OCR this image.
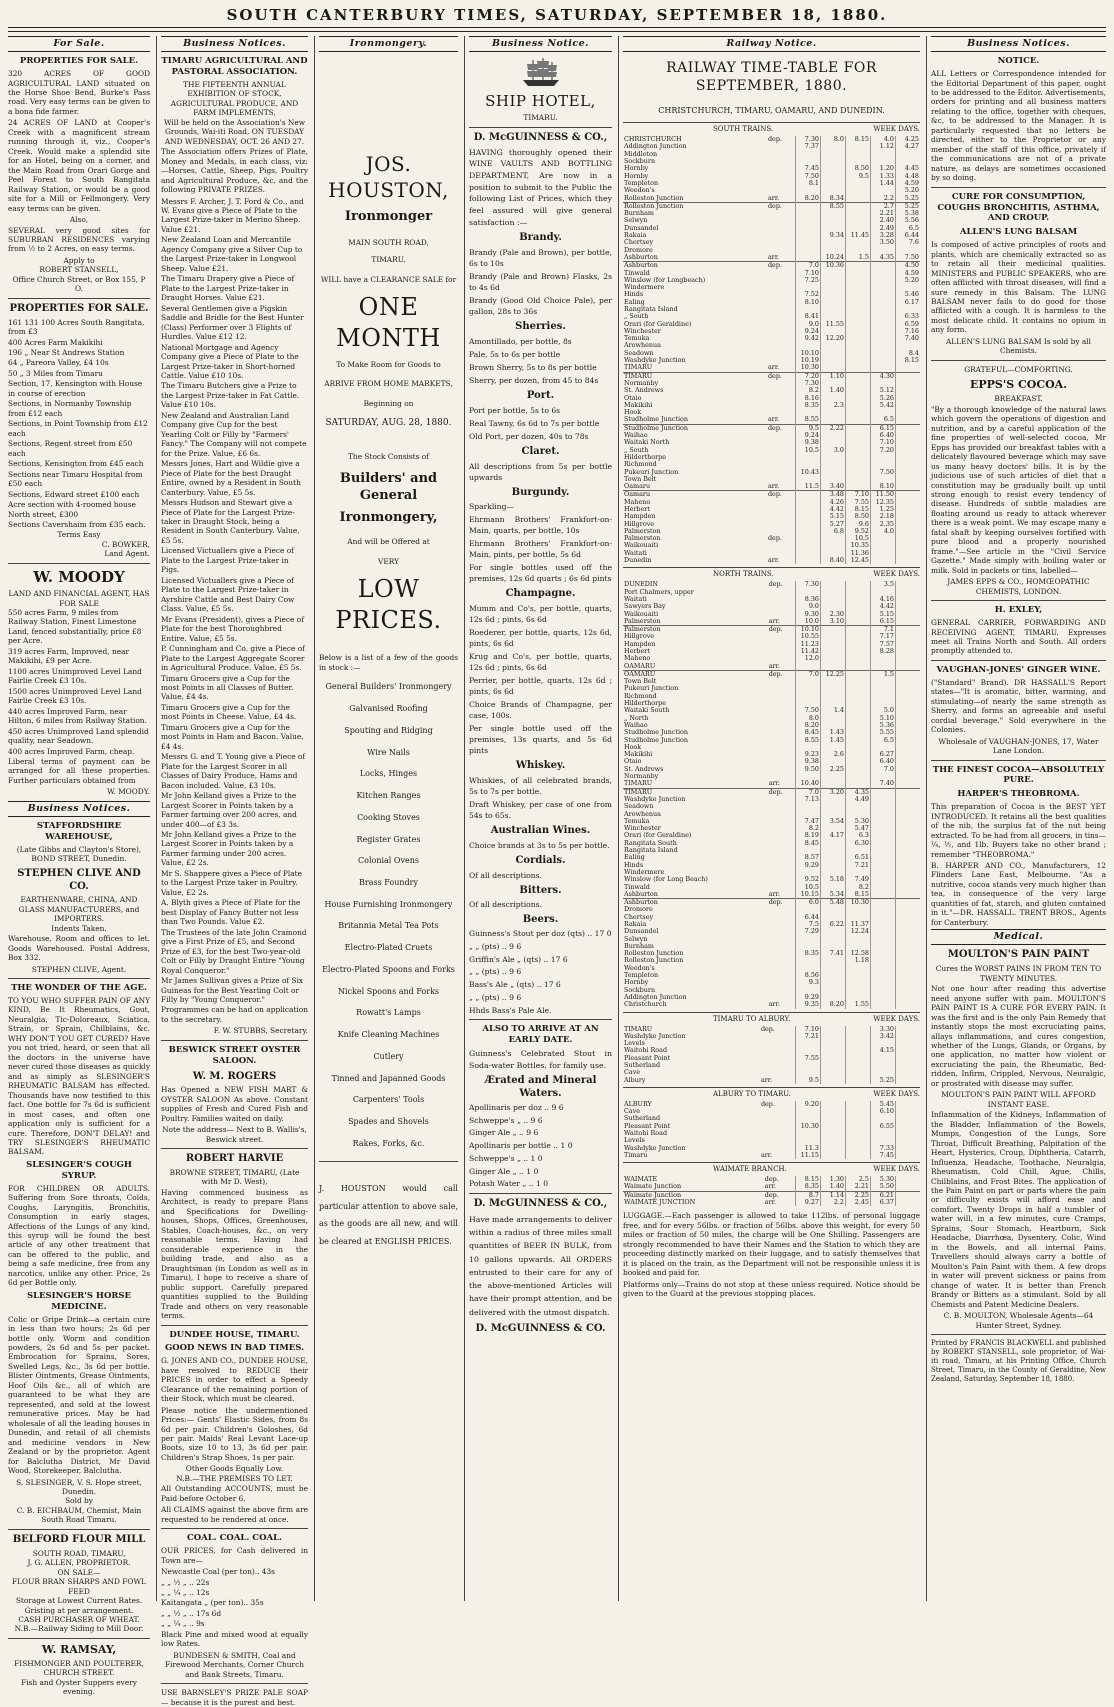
SOUTH CANTERBURY TIMES, SATURDAY, SEPTEMBER 18, 1880.
For Sale.
PROPERTIES FOR SALE.

320 ACRES OF GOOD AGRICULTURAL LAND situated on the Horse Shoe Bend, Burke's Pass road. Very easy terms can be given to a bona fide farmer.

24 ACRES OF LAND at Cooper's Creek with a magnificent stream running through it, viz., Cooper's Creek. Would make a splendid site for an Hotel, being on a corner, and the Main Road from Orari Gorge and Peel Forest to South Rangitata Railway Station, or would be a good site for a Mill or Fellmongery. Very easy terms can be given.

Also,

SEVERAL very good sites for SUBURBAN RESIDENCES varying from ½ to 2 Acres, on easy terms.

Apply to
ROBERT STANSELL,
Office Church Street, or Box 155, P O.
PROPERTIES FOR SALE.
161 131 100 Acres South Rangitata, from £3
400 Acres Farm Makikihi
196 „ Near St Andrews Station
64 „ Pareora Valley, £4 10s
50 „ 3 Miles from Timaru
Section, 17, Kensington with House in course of erection
Sections, in Normanby Township from £12 each
Sections, in Point Township from £12 each
Sections, Regent street from £50 each
Sections, Kensington from £45 each
Sections near Timaru Hospital from £50 each
Sections, Edward street £100 each
Acre section with 4-roomed house North street, £300
Sections Cavershaim from £35 each.
Terms Easy
C. BOWKER,
Land Agent.
W. MOODY
LAND AND FINANCIAL AGENT, HAS FOR SALE
550 acres Farm, 9 miles from Railway Station, Finest Limestone Land, fenced substantially, price £8 per Acre.
319 acres Farm, Improved, near Makikihi, £9 per Acre.
1100 acres Unimproved Level Land Fairlie Creek £3 10s.
1500 acres Unimproved Level Land Fairlie Creek £3 10s.
440 acres Improved Farm, near Hilton, 6 miles from Railway Station.
450 acres Unimproved Land splendid quality, near Seadown.
400 acres Improved Farm, cheap.

Liberal terms of payment can be arranged for all these properties. Further particulars obtained from

W. MOODY.
Business Notices.
STAFFORDSHIRE WAREHOUSE,
(Late Gibbs and Clayton's Store), BOND STREET, Dunedin.
STEPHEN CLIVE AND CO.
EARTHENWARE, CHINA, AND GLASS MANUFACTURERS, and IMPORTERS.
Indents Taken.

Warehouse, Room and offices to let. Goods Warehoused. Postal Address, Box 332.

STEPHEN CLIVE, Agent.
THE WONDER OF THE AGE.

TO YOU WHO SUFFER PAIN OF ANY KIND, Be It Rheumatics, Gout, Neuralgia, Tic-Doloreaux, Sciatica, Strain, or Sprain, Chilblains, &c. WHY DON'T YOU GET CURED? Have you not tried, heard, or seen that all the doctors in the universe have never cured those diseases as quickly and as simply as SLESINGER'S RHEUMATIC BALSAM has effected. Thousands have now testified to this fact. One bottle for 7s 6d is sufficient in most cases, and often one application only is sufficient for a cure. Therefore, DON'T DELAY! and TRY SLESINGER'S RHEUMATIC BALSAM.

SLESINGER'S COUGH SYRUP.

FOR CHILDREN OR ADULTS. Suffering from Sore throats, Colds, Coughs, Laryngitis, Bronchitis, Consumption in early stages, Affections of the Lungs of any kind, this syrup will be found the best article of any other treatment that can be offered to the public, and being a safe medicine, free from any narcotics, unlike any other. Price, 2s 6d per Bottle only.

SLESINGER'S HORSE MEDICINE.

Colic or Gripe Drink—a certain cure in less than two hours; 2s 6d per bottle only. Worm and condition powders, 2s 6d and 5s per packet. Embrocation for Sprains, Sores, Swelled Legs, &c., 3s 6d per bottle. Blister Ointments, Grease Ointments, Hoof Oils &c., all of which are guaranteed to be what they are represented, and sold at the lowest remunerative prices. May be had wholesale of all the leading houses in Dunedin, and retail of all chemists and medicine vendors in New Zealand or by the proprietor. Agent for Balclutha District, Mr David Wood, Storekeeper, Balclutha.

S. SLESINGER, V. S. Hope street, Dunedin.
Sold by
C. B. EICHBAUM, Chemist, Main South Road Timaru.
BELFORD FLOUR MILL
SOUTH ROAD, TIMARU,
J. G. ALLEN, PROPRIETOR.
ON SALE—
FLOUR BRAN SHARPS AND FOWL FEED
Storage at Lowest Current Rates.
Gristing at per arrangement.
CASH PURCHASER OF WHEAT.
N.B.—Railway Siding to Mill Door.
W. RAMSAY,
FISHMONGER AND POULTERER, CHURCH STREET.
Fish and Oyster Suppers every evening.
Business Notices.
TIMARU AGRICULTURAL AND PASTORAL ASSOCIATION.
THE FIFTEENTH ANNUAL EXHIBITION OF STOCK, AGRICULTURAL PRODUCE, AND FARM IMPLEMENTS,
Will be held on the Association's New Grounds, Wai-iti Road, ON TUESDAY AND WEDNESDAY, OCT. 26 AND 27.

The Association offers Prizes of Plate, Money and Medals, in each class, viz:—Horses, Cattle, Sheep, Pigs, Poultry and Agricultural Produce, &c, and the following PRIVATE PRIZES.

Messrs F. Archer, J. T. Ford & Co., and W. Evans give a Piece of Plate to the Largest Prize-taker in Merino Sheep. Value £21.
New Zealand Loan and Mercantile Agency Company give a Silver Cup to the Largest Prize-taker in Longwool Sheep. Value £21.
The Timaru Drapery give a Piece of Plate to the Largest Prize-taker in Draught Horses. Value £21.
Several Gentlemen give a Pigskin Saddle and Bridle for the Best Hunter (Class) Performer over 3 Flights of Hurdles. Value £12 12.
National Mortgage and Agency Company give a Piece of Plate to the Largest Prize-taker in Short-horned Cattle. Value £10 10s.
The Timaru Butchers give a Prize to the Largest Prize-taker in Fat Cattle. Value £10 10s.
New Zealand and Australian Land Company give Cup for the best Yearling Colt or Filly by "Farmers' Fancy." The Company will not compete for the Prize. Value, £6 6s.
Messrs Jones, Hart and Wildie give a Piece of Plate for the best Draught Entire, owned by a Resident in South Canterbury. Value, £5 5s.
Messrs Hudson and Stewart give a Piece of Plate for the Largest Prize-taker in Draught Stock, being a Resident in South Canterbury. Value, £5 5s.
Licensed Victuallers give a Piece of Plate to the Largest Prize-taker in Pigs.
Licensed Victuallers give a Piece of Plate to the Largest Prize-taker in Ayrshire Cattle and Best Dairy Cow Class. Value, £5 5s.
Mr Evans (President), gives a Piece of Plate for the best Thoroughbred Entire. Value, £5 5s.
P. Cunningham and Co. give a Piece of Plate to the Largest Aggregate Scorer in Agricultural Produce. Value, £5 5s.
Timaru Grocers give a Cup for the most Points in all Classes of Butter. Value, £4 4s.
Timaru Grocers give a Cup for the most Points in Cheese. Value, £4 4s.
Timaru Grocers give a Cup for the most Points in Ham and Bacon. Value, £4 4s.
Messrs G. and T. Young give a Piece of Plate for the Largest Scorer in all Classes of Dairy Produce, Hams and Bacon included. Value, £3 10s.
Mr John Kelland gives a Prize to the Largest Scorer in Points taken by a Farmer farming over 200 acres, and under 400—of £3 3s.
Mr John Kelland gives a Prize to the Largest Scorer in Points taken by a Farmer farming under 200 acres. Value, £2 2s.
Mr S. Shappere gives a Piece of Plate to the Largest Prize taker in Poultry. Value, £2 2s.
A. Blyth gives a Piece of Plate for the best Display of Fancy Butter not less than Two Pounds. Value £2.
The Trustees of the late John Cramond give a First Prize of £5, and Second Prize of £3, for the best Two-year-old Colt or Filly by Draught Entire "Young Royal Conqueror."
Mr James Sullivan gives a Prize of Six Guineas for the Best Yearling Colt or Filly by "Young Conqueror."

Programmes can be had on application to the secretary.

F. W. STUBBS, Secretary.
BESWICK STREET OYSTER SALOON.
W. M. ROGERS

Has Opened a NEW FISH MART & OYSTER SALOON As above. Constant supplies of Fresh and Cured Fish and Poultry. Families waited on daily.

Note the address— Next to B. Wallis's, Beswick street.
ROBERT HARVIE
BROWNE STREET, TIMARU, (Late with Mr D. West),

Having commenced business as Architect, is ready to prepare Plans and Specifications for Dwelling-houses, Shops, Offices, Greenhouses, Stables, Coach-houses, &c., on very reasonable terms. Having had considerable experience in the building trade, and also as a Draughtsman (in London as well as in Timaru), I hope to receive a share of public support. Carefully prepared quantities supplied to the Building Trade and others on very reasonable terms.

DUNDEE HOUSE, TIMARU.
GOOD NEWS IN BAD TIMES.

G. JONES AND CO., DUNDEE HOUSE, have resolved to REDUCE their PRICES in order to effect a Speedy Clearance of the remaining portion of their Stock, which must be cleared.

Please notice the undermentioned Prices:— Gents' Elastic Sides, from 8s 6d per pair. Children's Goloshes, 6d per pair. Maids' Real Levant Lace-up Boots, size 10 to 13, 3s 6d per pair. Children's Strap Shoes, 1s per pair.

Other Goods Equally Low.
N.B.—THE PREMISES TO LET.

All Outstanding ACCOUNTS, must be Paid before October 6.

All CLAIMS against the above firm are requested to be rendered at once.

COAL. COAL. COAL.

OUR PRICES, for Cash delivered in Town are—

Newcastle Coal (per ton).. 43s
„ „ ½ „ .. 22s
„ „ ¼ „ .. 12s
Kaitangata „ (per ton).. 35s
„ „ ½ „ .. 17s 6d
„ „ ¼ „ .. 9s

Black Pine and mixed wood at equally low Rates.

BUNDESEN & SMITH, Coal and Firewood Merchants, Corner Church and Bank Streets, Timaru.

USE BARNSLEY'S PRIZE PALE SOAP— because it is the purest and best.

Ironmongery.
JOS. HOUSTON,
Ironmonger
MAIN SOUTH ROAD,
TIMARU,
WILL have a CLEARANCE SALE for
ONE MONTH
To Make Room for Goods to
ARRIVE FROM HOME MARKETS,
Beginning on
SATURDAY, AUG. 28, 1880.
The Stock Consists of
Builders' and General
Ironmongery,
And will be Offered at
VERY
LOW PRICES.

Below is a list of a few of the goods in stock :—

General Builders' Ironmongery
Galvanised Roofing
Spouting and Ridging
Wire Nails
Locks, Hinges
Kitchen Ranges
Cooking Stoves
Register Grates
Colonial Ovens
Brass Foundry
House Furnishing Ironmongery
Britannia Metal Tea Pots
Electro-Plated Cruets
Electro-Plated Spoons and Forks
Nickel Spoons and Forks
Rowatt's Lamps
Knife Cleaning Machines
Cutlery
Tinned and Japanned Goods
Carpenters' Tools
Spades and Shovels
Rakes, Forks, &c.

J. HOUSTON would call particular attention to above sale, as the goods are all new, and will be cleared at ENGLISH PRICES.

Business Notice.
SHIP HOTEL,
TIMARU.
D. McGUINNESS & CO.,

HAVING thoroughly opened their WINE VAULTS AND BOTTLING DEPARTMENT, Are now in a position to submit to the Public the following List of Prices, which they feel assured will give general satisfaction :—

Brandy.

Brandy (Pale and Brown), per bottle, 6s to 10s

Brandy (Pale and Brown) Flasks, 2s to 4s 6d

Brandy (Good Old Choice Pale), per gallon, 28s to 36s

Sherries.

Amontillado, per bottle, 8s

Pale, 5s to 6s per bottle

Brown Sherry, 5s to 8s per bottle

Sherry, per dozen, from 45 to 84s

Port.

Port per bottle, 5s to 6s

Real Tawny, 6s 6d to 7s per bottle

Old Port, per dozen, 40s to 78s

Claret.

All descriptions from 5s per bottle upwards

Burgundy.

Sparkling—

Ehrmann Brothers' Frankfort-on-Main, quarts, per bottle, 10s

Ehrmann Brothers' Frankfort-on-Main, pints, per bottle, 5s 6d

For single bottles used off the premises, 12s 6d quarts ; 6s 6d pints

Champagne.

Mumm and Co's, per bottle, quarts, 12s 6d ; pints, 6s 6d

Roederer, per bottle, quarts, 12s 6d, pints, 6s 6d

Krug and Co's, per bottle, quarts, 12s 6d ; pints, 6s 6d

Perrier, per bottle, quarts, 12s 6d ; pints, 6s 6d

Choice Brands of Champagne, per case, 100s.

Per single bottle used off the premises, 13s quarts, and 5s 6d pints

Whiskey.

Whiskies, of all celebrated brands, 5s to 7s per bottle.

Draft Whiskey, per case of one from 54s to 65s.

Australian Wines.

Choice brands at 3s to 5s per bottle.

Cordials.

Of all descriptions.

Bitters.

Of all descriptions.

Beers.
Guinness's Stout per doz (qts) .. 17 0
„ „ (pts) .. 9 6
Griffin's Ale „ (qts) .. 17 6
„ „ (pts) .. 9 6
Bass's Ale „ (qts) .. 17 6
„ „ (pts) .. 9 6
Hhds Bass's Pale Ale.
ALSO TO ARRIVE AT AN EARLY DATE.

Guinness's Celebrated Stout in Soda-water Bottles, for family use.

Ærated and Mineral Waters.
Apollinaris per doz .. 9 6
Schweppe's „ .. 9 6
Ginger Ale „ .. 9 6
Apollinaris per bottle .. 1 0
Schweppe's „ .. 1 0
Ginger Ale „ .. 1 0
Potash Water „ .. 1 0
D. McGUINNESS & CO.,

Have made arrangements to deliver within a radius of three miles small quantities of BEER IN BULK, from 10 gallons upwards. All ORDERS entrusted to their care for any of the above-mentioned Articles will have their prompt attention, and be delivered with the utmost dispatch.

D. McGUINNESS & CO.
Railway Notice.
RAILWAY TIME-TABLE FOR SEPTEMBER, 1880.
CHRISTCHURCH, TIMARU, OAMARU, AND DUNEDIN.
SOUTH TRAINS.	WEEK DAYS.
CHRISTCHURCH	dep.	7.30	8.0	8.15	4.0	4.25
Addington Junction		7.37			1.12	4.27
Middleton						
Sockburn						
Hornby		7.45		8.50	1.20	4.45
Hornby		7.50		9.5	1.33	4.48
Templeton		8.1			1.44	4.59
Weedon's						5.20
Rolleston Junction	arr.	8.20	8.34		2.2	5.25
Rolleston Junction	dep.		8.55		2.7	5.25
Burnham					2.21	5.38
Selwyn					2.40	5.56
Dunsandel					2.49	6.5
Rakaia			9.34	11.45	3.28	6.44
Chertsey					3.50	7.6
Dromore						
Ashburton	arr.		10.24	1.5	4.35	7.50
Ashburton	dep.	7.0	10.36			4.50
Tinwald		7.10				4.59
Winslow (for Longbeach)		7.25				5.20
Windermere						
Hinds		7.52				5.46
Ealing		8.10				6.17
Rangitata Island						
„ South		8.41				6.33
Orari (for Geraldine)		9.0	11.55			6.59
Winchester		9.24				7.16
Temuka		9.42	12.20			7.40
Arowhenua						
Seadown		10.10				8.4
Washdyke Junction		10.19				8.15
TIMARU	arr.	10.30				
TIMARU	dep.	7.20	1.10		4.30	
Normanby		7.30				
St. Andrews		8.2	1.40		5.12	
Otaio		8.16			5.26	
Makikihi		8.35	2.3		5.42	
Hook						
Studholme Junction	arr.	8.55			6.5	
Studholme Junction	dep.	9.5	2.22		6.15	
Waihao		9.24			6.40	
Waitaki North		9.38			7.10	
„ South		10.5	3.0		7.20	
Hilderthorpe						
Richmond						
Pukeuri Junction		10.43			7.50	
Town Belt						
Oamaru	arr.	11.5	3.40		8.10	
Oamaru	dep.		3.48	7.10	11.50	
Maheno			4.26	7.55	12.35	
Herbert			4.42	8.15	1.25	
Hampden			5.15	8.50	2.18	
Hillgrove			5.27	9.6	2.35	
Palmerston			6.8	9.52	4.0	
Palmerston	dep.			10.5		
Waikouaiti				10.35		
Waitati				11.36		
Dunedin	arr.		8.40	12.45		
NORTH TRAINS.	WEEK DAYS.
DUNEDIN	dep.	7.30			3.5	
Port Chalmers, upper						
Waitati		8.36			4.16	
Sawyers Bay		9.0			4.42	
Waikouaiti		9.30	2.30		5.15	
Palmerston	arr.	10.0	3.10		6.15	
Palmerston	dep.	10.10			7.1	
Hillgrove		10.55			7.17	
Hampden		11.23			7.57	
Herbert		11.42			8.28	
Maheno		12.0				
OAMARU	arr.					
OAMARU	dep.	7.0	12.25		1.5	
Town Belt						
Pukeuri Junction						
Richmond						
Hilderthorpe						
Waitaki South		7.50	1.4		5.0	
„ North		8.0			5.10	
Waihao		8.20			5.36	
Studholme Junction		8.45	1.43		5.55	
Studholme Junction		8.55	1.45		6.5	
Hook						
Makikihi		9.23	2.6		6.27	
Otaio		9.38			6.40	
St. Andrews		9.50	2.25		7.0	
Normanby						
TIMARU	arr.	10.40			7.40	
TIMARU	dep.	7.0	3.20	4.35		
Washdyke Junction		7.13		4.49		
Seadown						
Arowhenua						
Temuka		7.47	3.54	5.30		
Winchester		8.2		5.47		
Orari (for Geraldine)		8.19	4.17	6.3		
Rangitata South		8.45		6.30		
Rangitata Island						
Ealing		8.57		6.51		
Hinds		9.29		7.21		
Windermere						
Winslow (for Long Beach)		9.52	5.18	7.49		
Tinwald		10.5		8.2		
Ashburton	arr.	10.15	5.34	8.15		
Ashburton	dep.	6.0	5.48	10.30		
Dromore						
Chertsey		6.44				
Rakaia		7.5	6.22	11.37		
Dunsandel		7.29		12.24		
Selwyn						
Burnham						
Rolleston Junction		8.35	7.41	12.58		
Rolleston Junction				1.18		
Weedon's						
Templeton		8.56				
Hornby		9.3				
Sockburn						
Addington Junction		9.29				
Christchurch	arr.	9.35	8.20	1.55		
TIMARU TO ALBURY.	WEEK DAYS.
TIMARU	dep.	7.10			3.30	
Washdyke Junction		7.21			3.42	
Levels						
Waitohi Road					4.15	
Pleasant Point		7.55				
Sutherland						
Cave						
Albury	arr.	9.5			5.25	
ALBURY TO TIMARU.	WEEK DAYS.
ALBURY	dep.	9.20			5.45	
Cave					6.10	
Sutherland						
Pleasant Point		10.30			6.55	
Waitohi Road						
Levels						
Washdyke Junction		11.3			7.33	
Timaru	arr.	11.15			7.45	
WAIMATE BRANCH.	WEEK DAYS.
WAIMATE	dep.	8.15	1.30	2.5	5.30	
Waimate Junction	arr.	8.35	1.40	2.21	5.50	
Waimate Junction	dep.	8.7	1.14	2.25	6.21	
WAIMATE JUNCTION	arr.	9.27	2.2	2.45	6.37	

LUGGAGE.—Each passenger is allowed to take 112lbs. of personal luggage free, and for every 56lbs. or fraction of 56lbs. above this weight, for every 50 miles or fraction of 50 miles, the charge will be One Shilling. Passengers are strongly recommended to have their Names and the Station to which they are proceeding distinctly marked on their luggage, and to satisfy themselves that it is placed on the train, as the Department will not be responsible unless it is booked and paid for.

Platforms only—Trains do not stop at these unless required. Notice should be given to the Guard at the previous stopping places.

Business Notices.
NOTICE.

ALL Letters or Correspondence intended for the Editorial Department of this paper, ought to be addressed to the Editor. Advertisements, orders for printing and all business matters relating to the office, together with cheques, &c, to be addressed to the Manager. It is particularly requested that no letters be directed, either to the Proprietor or any member of the staff of this office, privately if the communications are not of a private nature, as delays are sometimes occasioned by so doing.

CURE FOR CONSUMPTION, COUGHS BRONCHITIS, ASTHMA, AND CROUP.
ALLEN'S LUNG BALSAM

Is composed of active principles of roots and plants, which are chemically extracted so as to retain all their medicinal qualities. MINISTERS and PUBLIC SPEAKERS, who are often afflicted with throat diseases, will find a sure remedy in this Balsam. The LUNG BALSAM never fails to do good for those afflicted with a cough. It is harmless to the most delicate child. It contains no opium in any form.

ALLEN'S LUNG BALSAM Is sold by all Chemists.
GRATEFUL—COMFORTING.
EPPS'S COCOA.
BREAKFAST.

"By a thorough knowledge of the natural laws which govern the operations of digestion and nutrition, and by a careful application of the fine properties of well-selected cocoa, Mr Epps has provided our breakfast tables with a delicately flavoured beverage which may save us many heavy doctors' bills. It is by the judicious use of such articles of diet that a constitution may be gradually built up until strong enough to resist every tendency of disease. Hundreds of subtle maladies are floating around us ready to attack wherever there is a weak point. We may escape many a fatal shaft by keeping ourselves fortified with pure blood and a properly nourished frame."—See article in the "Civil Service Gazette." Made simply with boiling water or milk. Sold in packets or tins, labelled—

JAMES EPPS & CO., HOMŒOPATHIC CHEMISTS, LONDON.
H. EXLEY,

GENERAL CARRIER, FORWARDING AND RECEIVING AGENT, TIMARU. Expresses meet all Trains North and South. All orders promptly attended to.

VAUGHAN-JONES' GINGER WINE.

("Standard" Brand). DR HASSALL'S Report states—"It is aromatic, bitter, warming, and stimulating—of nearly the same strength as Sherry, and forms an agreeable and useful cordial beverage." Sold everywhere in the Colonies.

Wholesale of VAUGHAN-JONES, 17, Water Lane London.
THE FINEST COCOA—ABSOLUTELY PURE.
HARPER'S THEOBROMA.

This preparation of Cocoa is the BEST YET INTRODUCED. It retains all the best qualities of the nib, the surplus fat of the nut being extracted. To be had from all grocers, in tins—¼, ½, and 1lb. Buyers take no other brand ; remember "THEOBROMA."

B. HARPER AND CO., Manufacturers, 12 Flinders Lane East, Melbourne. "As a nutritive, cocoa stands very much higher than tea, in consequence of the very large quantities of fat, starch, and gluten contained in it."—DR. HASSALL. TRENT BROS., Agents for Canterbury.

Medical.
MOULTON'S PAIN PAINT
Cures the WORST PAINS IN FROM TEN TO TWENTY MINUTES.

Not one hour after reading this advertise need anyone suffer with pain. MOULTON'S PAIN PAINT IS A CURE FOR EVERY PAIN. It was the first and is the only Pain Remedy that instantly stops the most excruciating pains, allays inflammations, and cures congestion, whether of the Lungs, Glands, or Organs, by one application, no matter how violent or excruciating the pain, the Rheumatic, Bed-ridden, Infirm, Crippled, Nervous, Neuralgic, or prostrated with disease may suffer.

MOULTON'S PAIN PAINT WILL AFFORD INSTANT EASE.

Inflammation of the Kidneys, Inflammation of the Bladder, Inflammation of the Bowels, Mumps, Congestion of the Lungs, Sore Throat, Difficult Breathing, Palpitation of the Heart, Hysterics, Croup, Diphtheria, Catarrh, Influenza, Headache, Toothache, Neuralgia, Rheumatism, Cold Chill, Ague, Chills, Chilblains, and Frost Bites. The application of the Pain Paint on part or parts where the pain or difficulty exists will afford ease and comfort. Twenty Drops in half a tumbler of water will, in a few minutes, cure Cramps, Sprains, Sour Stomach, Heartburn, Sick Headache, Diarrhœa, Dysentery, Colic, Wind in the Bowels, and all internal Pains. Travellers should always carry a bottle of Moulton's Pain Paint with them. A few drops in water will prevent sickness or pains from change of water. It is better than French Brandy or Bitters as a stimulant. Sold by all Chemists and Patent Medicine Dealers.

C. B. MOULTON, Wholesale Agents—64 Hunter Street, Sydney.

Printed by FRANCIS BLACKWELL and published by ROBERT STANSELL, sole proprietor, of Wai-iti road, Timaru, at his Printing Office, Church Street, Timaru, in the County of Geraldine, New Zealand, Saturday, September 18, 1880.
